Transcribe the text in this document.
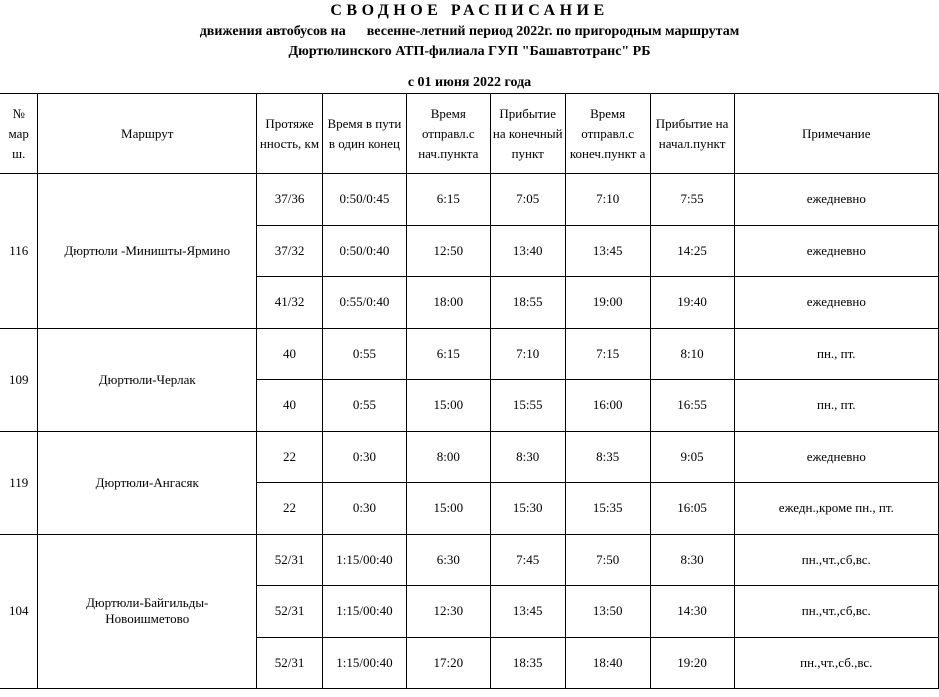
СВОДНОЕ РАСПИСАНИЕ
движения автобусов на      весенне-летний период 2022г. по пригородным маршрутам
Дюртюлинского АТП-филиала ГУП "Башавтотранс" РБ
с 01 июня 2022 года
№ мар ш.	Маршрут	Протяже нность, км	Время в пути в один конец	Время отправл.с нач.пункта	Прибытие на конечный пункт	Время отправл.с конеч.пункт а	Прибытие на начал.пункт	Примечание
116	Дюртюли -Миништы-Ярмино	37/36	0:50/0:45	6:15	7:05	7:10	7:55	ежедневно
		37/32	0:50/0:40	12:50	13:40	13:45	14:25	ежедневно
		41/32	0:55/0:40	18:00	18:55	19:00	19:40	ежедневно
109	Дюртюли-Черлак	40	0:55	6:15	7:10	7:15	8:10	пн., пт.
		40	0:55	15:00	15:55	16:00	16:55	пн., пт.
119	Дюртюли-Ангасяк	22	0:30	8:00	8:30	8:35	9:05	ежедневно
		22	0:30	15:00	15:30	15:35	16:05	ежедн.,кроме пн., пт.
104	Дюртюли-Байгильды-Новоишметово	52/31	1:15/00:40	6:30	7:45	7:50	8:30	пн.,чт.,сб,вс.
		52/31	1:15/00:40	12:30	13:45	13:50	14:30	пн.,чт.,сб,вс.
		52/31	1:15/00:40	17:20	18:35	18:40	19:20	пн.,чт.,сб.,вс.
